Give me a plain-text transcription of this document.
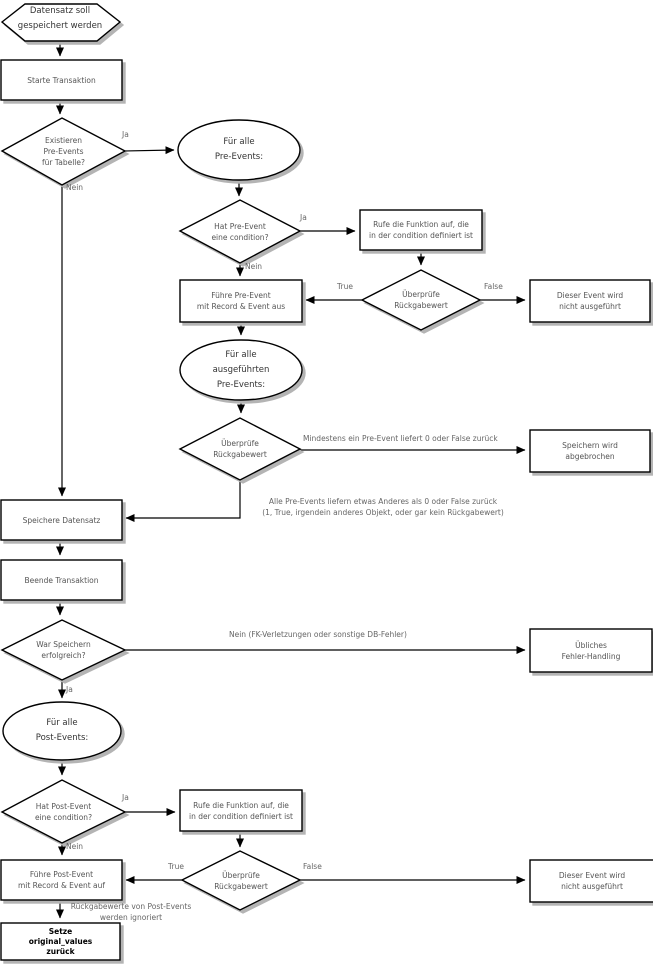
Datensatz soll
gespeichert werden
Starte Transaktion
Existieren
Pre-Events
für Tabelle?
Für alle
Pre-Events:
Hat Pre-Event
eine condition?
Rufe die Funktion auf, die
in der condition definiert ist
Überprüfe
Rückgabewert
Dieser Event wird
nicht ausgeführt
Führe Pre-Event
mit Record & Event aus
Für alle
ausgeführten
Pre-Events:
Überprüfe
Rückgabewert
Speichern wird
abgebrochen
Speichere Datensatz
Beende Transaktion
War Speichern
erfolgreich?
Übliches
Fehler-Handling
Für alle
Post-Events:
Hat Post-Event
eine condition?
Rufe die Funktion auf, die
in der condition definiert ist
Überprüfe
Rückgabewert
Führe Post-Event
mit Record & Event auf
Setze
original_values
zurück
Dieser Event wird
nicht ausgeführt
Ja
Nein
Ja
Nein
True	False
Mindestens ein Pre-Event liefert 0 oder False zurück
Alle Pre-Events liefern etwas Anderes als 0 oder False zurück
(1, True, irgendein anderes Objekt, oder gar kein Rückgabewert)
Nein (FK-Verletzungen oder sonstige DB-Fehler)
Ja
Ja
Nein
True	False
Rückgabewerte von Post-Events
werden ignoriert
